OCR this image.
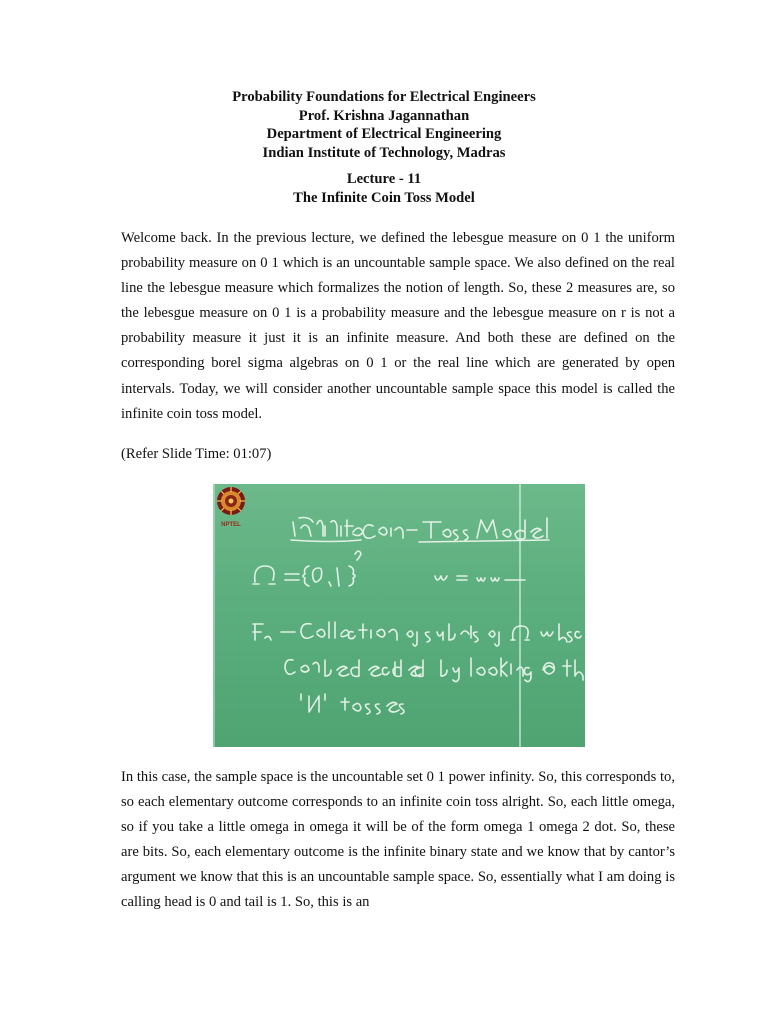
Probability Foundations for Electrical Engineers
Prof. Krishna Jagannathan
Department of Electrical Engineering
Indian Institute of Technology, Madras
Lecture - 11
The Infinite Coin Toss Model

Welcome back. In the previous lecture, we defined the lebesgue measure on 0 1 the uniform probability measure on 0 1 which is an uncountable sample space. We also defined on the real line the lebesgue measure which formalizes the notion of length. So, these 2 measures are, so the lebesgue measure on 0 1 is a probability measure and the lebesgue measure on r is not a probability measure it just it is an infinite measure. And both these are defined on the corresponding borel sigma algebras on 0 1 or the real line which are generated by open intervals. Today, we will consider another uncountable sample space this model is called the infinite coin toss model.

(Refer Slide Time: 01:07)
NPTEL

In this case, the sample space is the uncountable set 0 1 power infinity. So, this corresponds to, so each elementary outcome corresponds to an infinite coin toss alright. So, each little omega, so if you take a little omega in omega it will be of the form omega 1 omega 2 dot. So, these are bits. So, each elementary outcome is the infinite binary state and we know that by cantor’s argument we know that this is an uncountable sample space. So, essentially what I am doing is calling head is 0 and tail is 1. So, this is an
